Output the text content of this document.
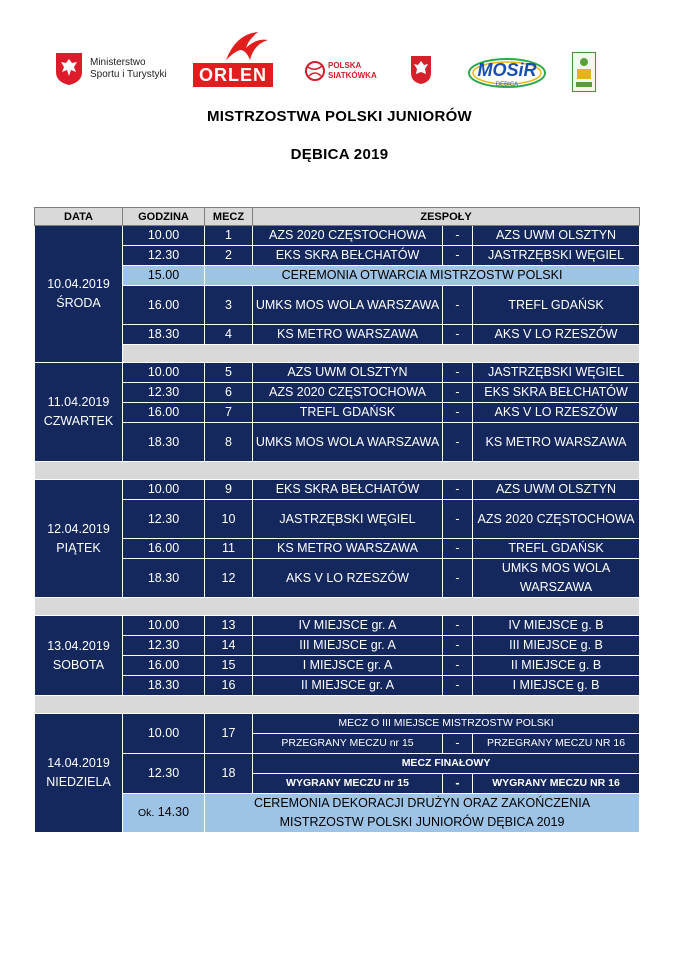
Ministerstwo
Sportu i Turystyki	ORLEN	POLSKA
SIATKÓWKA	MOSiR
DĘBICA
MISTRZOSTWA POLSKI JUNIORÓW
DĘBICA 2019
DATA	GODZINA	MECZ	ZESPOŁY		

10.04.2019
ŚRODA	10.00	1	AZS 2020 CZĘSTOCHOWA	-	AZS UWM OLSZTYN
	12.30	2	EKS SKRA BEŁCHATÓW	-	JASTRZĘBSKI WĘGIEL
	15.00	CEREMONIA OTWARCIA MISTRZOSTW POLSKI			
	16.00	3	UMKS MOS WOLA WARSZAWA	-	TREFL GDAŃSK
	18.30	4	KS METRO WARSZAWA	-	AKS V LO RZESZÓW

11.04.2019
CZWARTEK	10.00	5	AZS UWM OLSZTYN	-	JASTRZĘBSKI WĘGIEL
	12.30	6	AZS 2020 CZĘSTOCHOWA	-	EKS SKRA BEŁCHATÓW
	16.00	7	TREFL GDAŃSK	-	AKS V LO RZESZÓW
	18.30	8	UMKS MOS WOLA WARSZAWA	-	KS METRO WARSZAWA

12.04.2019
PIĄTEK	10.00	9	EKS SKRA BEŁCHATÓW	-	AZS UWM OLSZTYN
	12.30	10	JASTRZĘBSKI WĘGIEL	-	AZS 2020 CZĘSTOCHOWA
	16.00	11	KS METRO WARSZAWA	-	TREFL GDAŃSK
	18.30	12	AKS V LO RZESZÓW	-	UMKS MOS WOLA WARSZAWA

13.04.2019
SOBOTA	10.00	13	IV MIEJSCE gr. A	-	IV MIEJSCE g. B
	12.30	14	III MIEJSCE gr. A	-	III MIEJSCE g. B
	16.00	15	I MIEJSCE gr. A	-	II MIEJSCE g. B
	18.30	16	II MIEJSCE gr. A	-	I MIEJSCE g. B

14.04.2019
NIEDZIELA	10.00	17	MECZ O III MIEJSCE MISTRZOSTW POLSKI		
			PRZEGRANY MECZU nr 15	-	PRZEGRANY MECZU NR 16
	12.30	18	MECZ FINAŁOWY		
			WYGRANY MECZU nr 15	-	WYGRANY MECZU NR 16
	Ok. 14.30	CEREMONIA DEKORACJI DRUŻYN ORAZ ZAKOŃCZENIA MISTRZOSTW POLSKI JUNIORÓW DĘBICA 2019			
